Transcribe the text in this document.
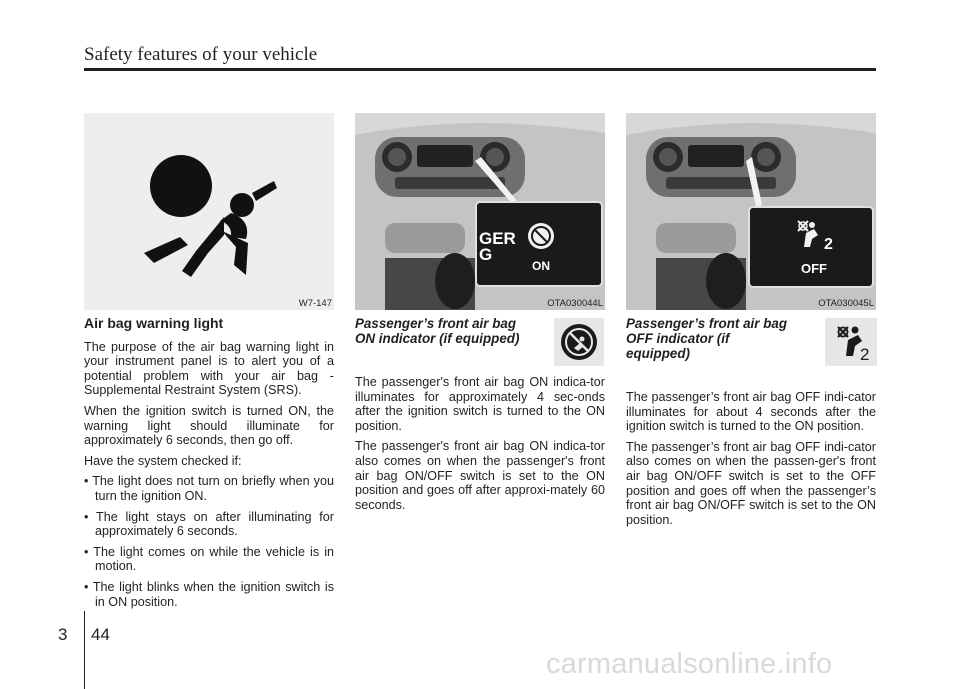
Safety features of your vehicle
W7-147
GER
G
ON
OTA030044L
2
OFF
OTA030045L
Air bag warning light

The purpose of the air bag warning light in your instrument panel is to alert you of a potential problem with your air bag - Supplemental Restraint System (SRS).

When the ignition switch is turned ON, the warning light should illuminate for approximately 6 seconds, then go off.

Have the system checked if:

• The light does not turn on briefly when you turn the ignition ON.
• The light stays on after illuminating for approximately 6 seconds.
• The light comes on while the vehicle is in motion.
• The light blinks when the ignition switch is in ON position.
Passenger’s front air bag ON indicator (if equipped)

The passenger's front air bag ON indica-tor illuminates for approximately 4 sec-onds after the ignition switch is turned to the ON position.

The passenger's front air bag ON indica-tor also comes on when the passenger's front air bag ON/OFF switch is set to the ON position and goes off after approxi-mately 60 seconds.

Passenger’s front air bag OFF indicator (if equipped)

The passenger’s front air bag OFF indi-cator illuminates for about 4 seconds after the ignition switch is turned to the ON position.

The passenger’s front air bag OFF indi-cator also comes on when the passen-ger's front air bag ON/OFF switch is set to the OFF position and goes off when the passenger’s front air bag ON/OFF switch is set to the ON position.

2
3 44
carmanualsonline.info
